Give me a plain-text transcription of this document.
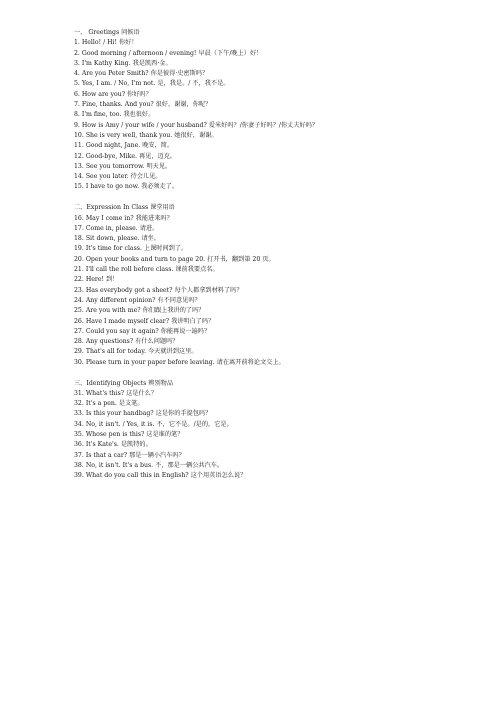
一、 Greetings 问候语
1. Hello! / Hi! 你好！
2. Good morning / afternoon / evening! 早晨（下午/晚上）好！
3. I'm Kathy King. 我是凯西·金。
4. Are you Peter Smith? 你是彼得·史密斯吗？
5. Yes, I am. / No, I'm not. 是，我是。/ 不，我不是。
6. How are you? 你好吗？
7. Fine, thanks. And you? 很好，谢谢，你呢？
8. I'm fine, too. 我也很好。
9. How is Amy / your wife / your husband? 爱米好吗？/你妻子好吗？/你丈夫好吗？
10. She is very well, thank you. 她很好，谢谢。
11. Good night, Jane. 晚安，简。
12. Good-bye, Mike. 再见，迈克。
13. See you tomorrow. 明天见。
14. See you later. 待会儿见。
15. I have to go now. 我必须走了。
二、Expression In Class 课堂用语
16. May I come in? 我能进来吗？
17. Come in, please. 请进。
18. Sit down, please. 请坐。
19. It's time for class. 上课时间到了。
20. Open your books and turn to page 20. 打开书，翻到第 20 页。
21. I'll call the roll before class. 课前我要点名。
22. Here! 到！
23. Has everybody got a sheet? 每个人都拿到材料了吗？
24. Any different opinion? 有不同意见吗？
25. Are you with me? 你们跟上我讲的了吗？
26. Have I made myself clear? 我讲明白了吗？
27. Could you say it again? 你能再说一遍吗？
28. Any questions? 有什么问题吗？
29. That's all for today. 今天就讲到这里。
30. Please turn in your paper before leaving. 请在离开前将论文交上。
三、Identifying Objects 辨别物品
31. What's this? 这是什么？
32. It's a pen. 是支笔。
33. Is this your handbag? 这是你的手提包吗？
34. No, it isn't. / Yes, it is. 不，它不是。/是的，它是。
35. Whose pen is this? 这是谁的笔？
36. It's Kate's. 是凯特的。
37. Is that a car? 那是一辆小汽车吗？
38. No, it isn't. It's a bus. 不，那是一辆公共汽车。
39. What do you call this in English? 这个用英语怎么说？
